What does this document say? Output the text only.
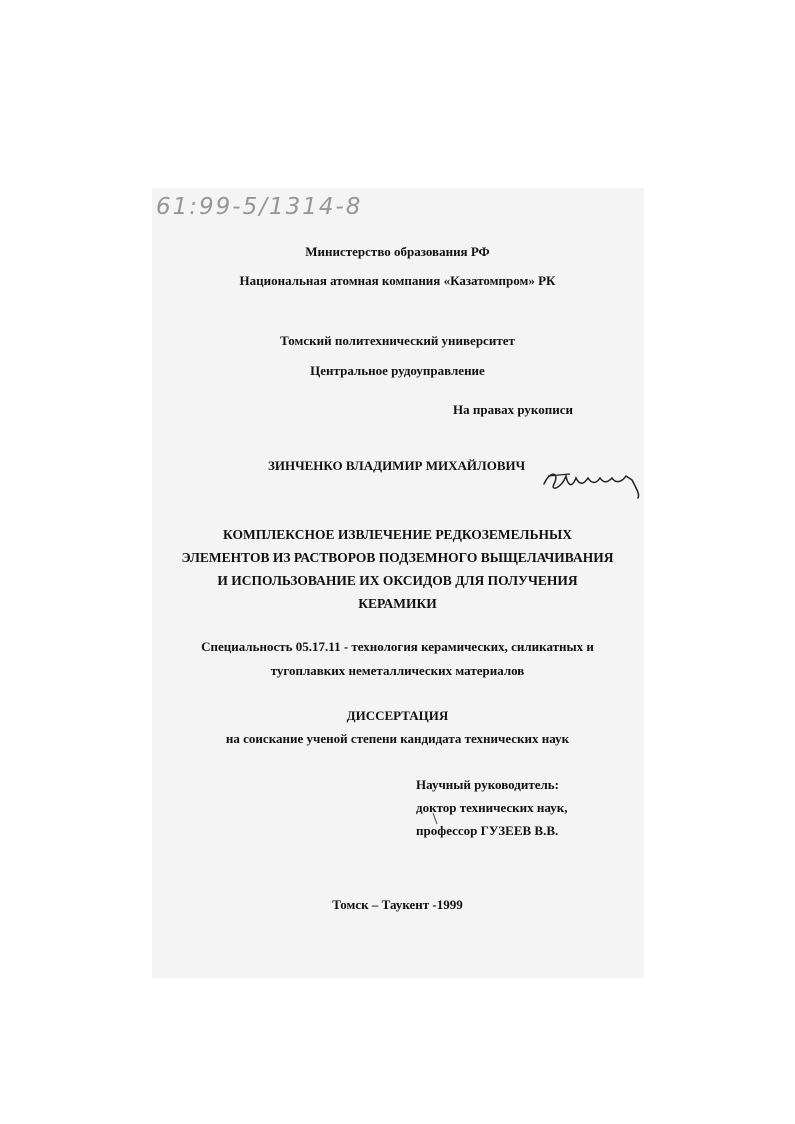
61:99-5/1314-8
Министерство образования РФ
Национальная атомная компания «Казатомпром» РК
Томский политехнический университет
Центральное рудоуправление
На правах рукописи
ЗИНЧЕНКО ВЛАДИМИР МИХАЙЛОВИЧ
КОМПЛЕКСНОЕ ИЗВЛЕЧЕНИЕ РЕДКОЗЕМЕЛЬНЫХ
ЭЛЕМЕНТОВ ИЗ РАСТВОРОВ ПОДЗЕМНОГО ВЫЩЕЛАЧИВАНИЯ
И ИСПОЛЬЗОВАНИЕ ИХ ОКСИДОВ ДЛЯ ПОЛУЧЕНИЯ
КЕРАМИКИ
Специальность 05.17.11 - технология керамических, силикатных и
тугоплавких неметаллических материалов
ДИССЕРТАЦИЯ
на соискание ученой степени кандидата технических наук
Научный руководитель:
доктор технических наук,
профессор ГУЗЕЕВ В.В.
Томск – Таукент -1999
